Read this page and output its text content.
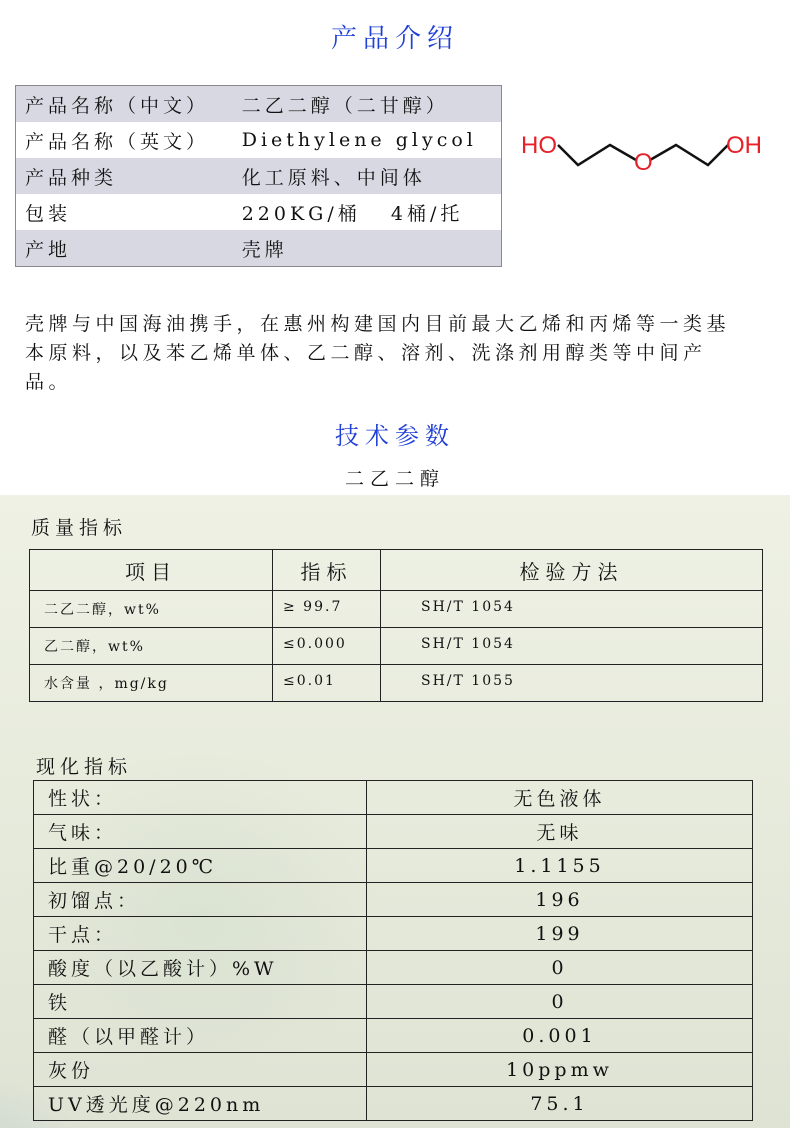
产品介绍
产品名称（中文）	二乙二醇（二甘醇）
产品名称（英文）	Diethylene glycol
产品种类	化工原料、中间体
包装	220KG/桶   4桶/托
产地	壳牌
HO
O
OH
壳牌与中国海油携手，在惠州构建国内目前最大乙烯和丙烯等一类基本原料，以及苯乙烯单体、乙二醇、溶剂、洗涤剂用醇类等中间产品。
技术参数
二乙二醇
质量指标
项目	指标	检验方法
二乙二醇，wt%	≥ 99.7	SH/T 1054
乙二醇，wt%	≤0.000	SH/T 1054
水含量 ，mg/kg	≤0.01	SH/T 1055
现化指标
性状：	无色液体
气味：	无味
比重@20/20℃	1.1155
初馏点：	196
干点：	199
酸度（以乙酸计）%W	0
铁	0
醛（以甲醛计）	0.001
灰份	10ppmw
UV透光度@220nm	75.1
